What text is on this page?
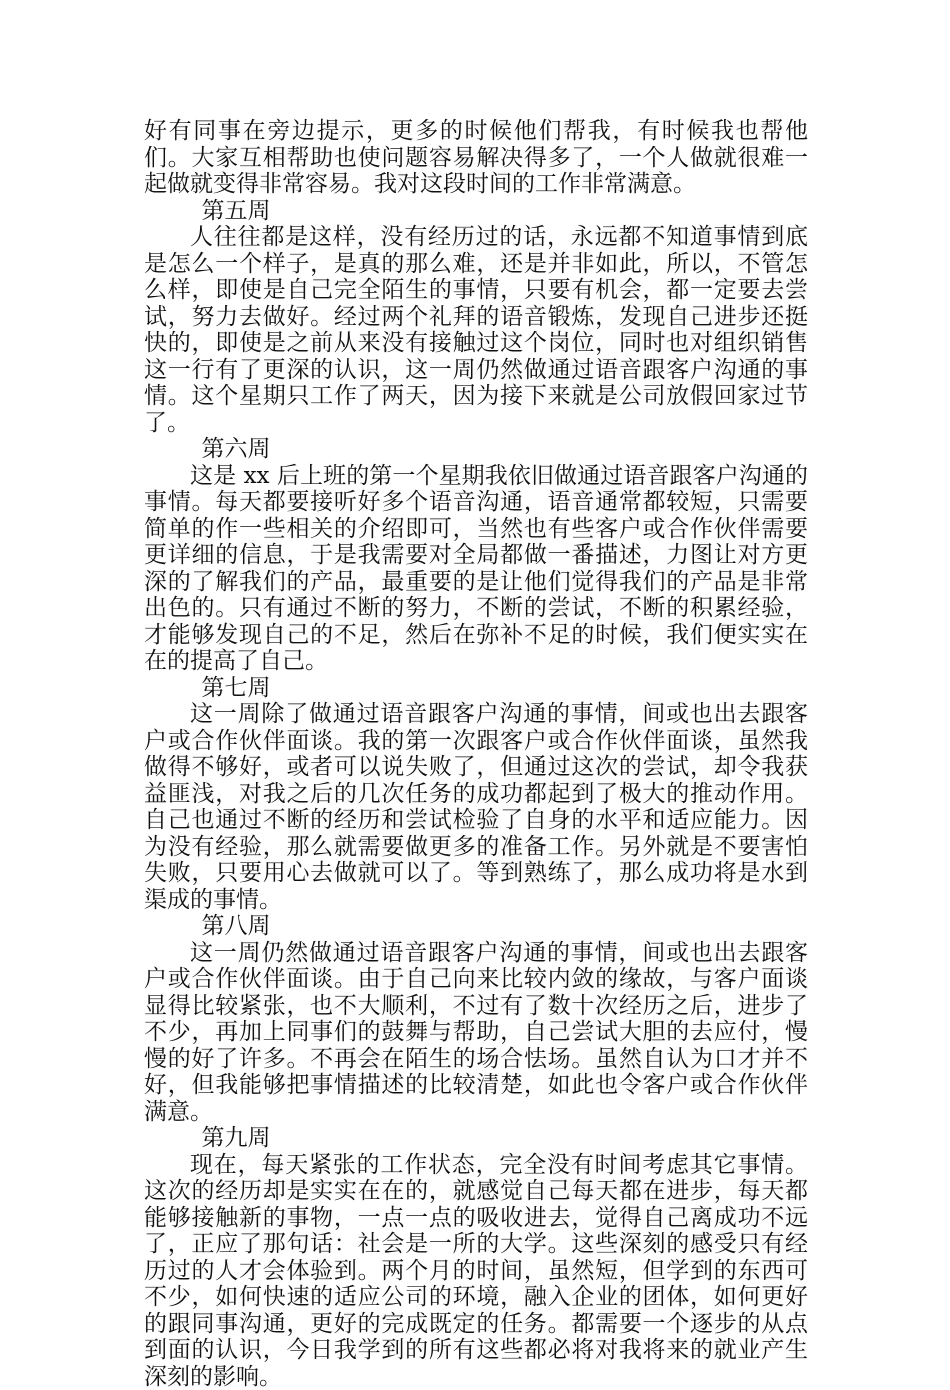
好有同事在旁边提示，更多的时候他们帮我，有时候我也帮他们。大家互相帮助也使问题容易解决得多了，一个人做就很难一起做就变得非常容易。我对这段时间的工作非常满意。

第五周

人往往都是这样，没有经历过的话，永远都不知道事情到底是怎么一个样子，是真的那么难，还是并非如此，所以，不管怎么样，即使是自己完全陌生的事情，只要有机会，都一定要去尝试，努力去做好。经过两个礼拜的语音锻炼，发现自己进步还挺快的，即使是之前从来没有接触过这个岗位，同时也对组织销售这一行有了更深的认识，这一周仍然做通过语音跟客户沟通的事情。这个星期只工作了两天，因为接下来就是公司放假回家过节了。

第六周

这是 xx 后上班的第一个星期我依旧做通过语音跟客户沟通的事情。每天都要接听好多个语音沟通，语音通常都较短，只需要简单的作一些相关的介绍即可，当然也有些客户或合作伙伴需要更详细的信息，于是我需要对全局都做一番描述，力图让对方更深的了解我们的产品，最重要的是让他们觉得我们的产品是非常出色的。只有通过不断的努力，不断的尝试，不断的积累经验，才能够发现自己的不足，然后在弥补不足的时候，我们便实实在在的提高了自己。

第七周

这一周除了做通过语音跟客户沟通的事情，间或也出去跟客户或合作伙伴面谈。我的第一次跟客户或合作伙伴面谈，虽然我做得不够好，或者可以说失败了，但通过这次的尝试，却令我获益匪浅，对我之后的几次任务的成功都起到了极大的推动作用。自己也通过不断的经历和尝试检验了自身的水平和适应能力。因为没有经验，那么就需要做更多的准备工作。另外就是不要害怕失败，只要用心去做就可以了。等到熟练了，那么成功将是水到渠成的事情。

第八周

这一周仍然做通过语音跟客户沟通的事情，间或也出去跟客户或合作伙伴面谈。由于自己向来比较内敛的缘故，与客户面谈显得比较紧张，也不大顺利，不过有了数十次经历之后，进步了不少，再加上同事们的鼓舞与帮助，自己尝试大胆的去应付，慢慢的好了许多。不再会在陌生的场合怯场。虽然自认为口才并不好，但我能够把事情描述的比较清楚，如此也令客户或合作伙伴满意。

第九周

现在，每天紧张的工作状态，完全没有时间考虑其它事情。这次的经历却是实实在在的，就感觉自己每天都在进步，每天都能够接触新的事物，一点一点的吸收进去，觉得自己离成功不远了，正应了那句话：社会是一所的大学。这些深刻的感受只有经历过的人才会体验到。两个月的时间，虽然短，但学到的东西可不少，如何快速的适应公司的环境，融入企业的团体，如何更好的跟同事沟通，更好的完成既定的任务。都需要一个逐步的从点到面的认识，今日我学到的所有这些都必将对我将来的就业产生深刻的影响。
